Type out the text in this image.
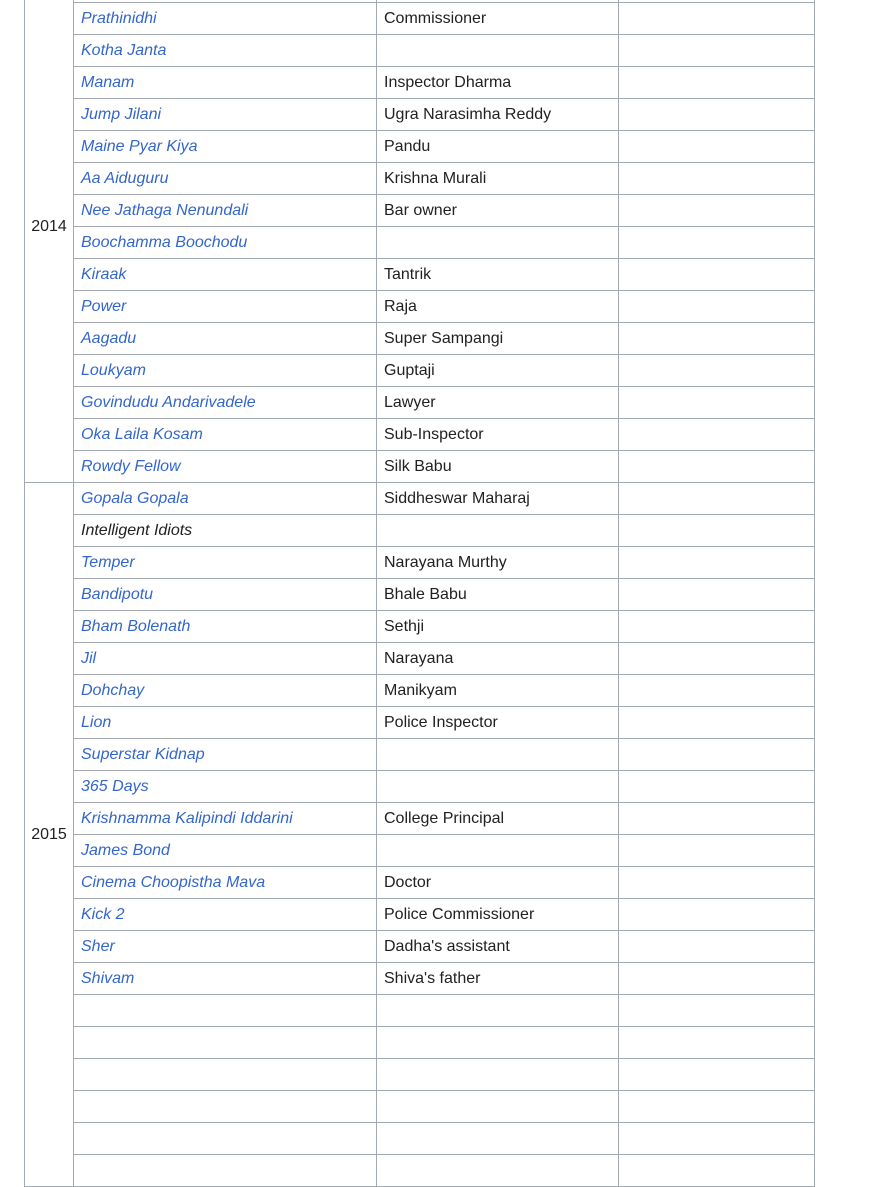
2014			
	Prathinidhi	Commissioner	
	Kotha Janta		
	Manam	Inspector Dharma	
	Jump Jilani	Ugra Narasimha Reddy	
	Maine Pyar Kiya	Pandu	
	Aa Aiduguru	Krishna Murali	
	Nee Jathaga Nenundali	Bar owner	
	Boochamma Boochodu		
	Kiraak	Tantrik	
	Power	Raja	
	Aagadu	Super Sampangi	
	Loukyam	Guptaji	
	Govindudu Andarivadele	Lawyer	
	Oka Laila Kosam	Sub-Inspector	
	Rowdy Fellow	Silk Babu	
2015	Gopala Gopala	Siddheswar Maharaj	
	Intelligent Idiots		
	Temper	Narayana Murthy	
	Bandipotu	Bhale Babu	
	Bham Bolenath	Sethji	
	Jil	Narayana	
	Dohchay	Manikyam	
	Lion	Police Inspector	
	Superstar Kidnap		
	365 Days		
	Krishnamma Kalipindi Iddarini	College Principal	
	James Bond		
	Cinema Choopistha Mava	Doctor	
	Kick 2	Police Commissioner	
	Sher	Dadha's assistant	
	Shivam	Shiva's father	
